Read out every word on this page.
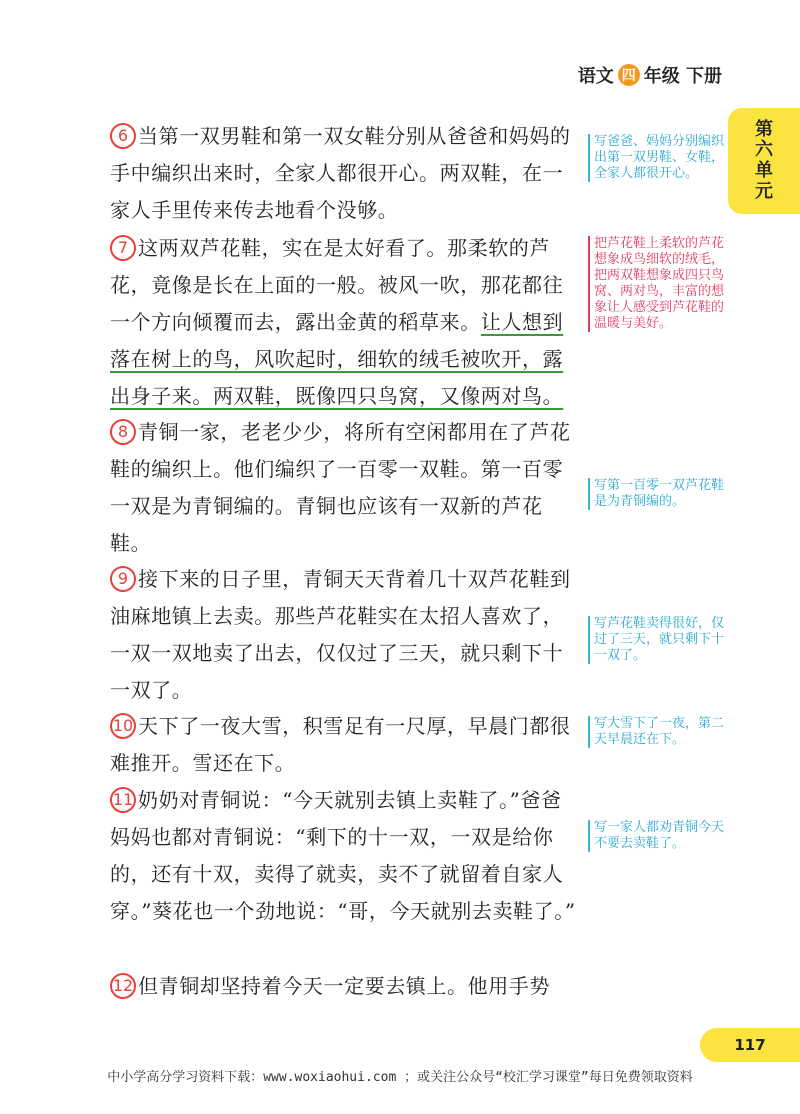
语文 四 年级 下册
第
六
单
元
6 当第一双男鞋和第一双女鞋分别从爸爸和妈妈的手中编织出来时，全家人都很开心。两双鞋，在一家人手里传来传去地看个没够。
7 这两双芦花鞋，实在是太好看了。那柔软的芦花，竟像是长在上面的一般。被风一吹，那花都往一个方向倾覆而去，露出金黄的稻草来。让人想到落在树上的鸟，风吹起时，细软的绒毛被吹开，露出身子来。两双鞋，既像四只鸟窝，又像两对鸟。
8 青铜一家，老老少少，将所有空闲都用在了芦花鞋的编织上。他们编织了一百零一双鞋。第一百零一双是为青铜编的。青铜也应该有一双新的芦花鞋。
9 接下来的日子里，青铜天天背着几十双芦花鞋到油麻地镇上去卖。那些芦花鞋实在太招人喜欢了，一双一双地卖了出去，仅仅过了三天，就只剩下十一双了。
10 天下了一夜大雪，积雪足有一尺厚，早晨门都很难推开。雪还在下。
11 奶奶对青铜说：“今天就别去镇上卖鞋了。”爸爸妈妈也都对青铜说：“剩下的十一双，一双是给你的，还有十双，卖得了就卖，卖不了就留着自家人穿。”葵花也一个劲地说：“哥，今天就别去卖鞋了。”
12 但青铜却坚持着今天一定要去镇上。他用手势
写爸爸、妈妈分别编织出第一双男鞋、女鞋，全家人都很开心。
把芦花鞋上柔软的芦花想象成鸟细软的绒毛，把两双鞋想象成四只鸟窝、两对鸟，丰富的想象让人感受到芦花鞋的温暖与美好。
写第一百零一双芦花鞋是为青铜编的。
写芦花鞋卖得很好，仅过了三天，就只剩下十一双了。
写大雪下了一夜，第二天早晨还在下。
写一家人都劝青铜今天不要去卖鞋了。
117
中小学高分学习资料下载：www.woxiaohui.com ；或关注公众号“校汇学习课堂”每日免费领取资料
